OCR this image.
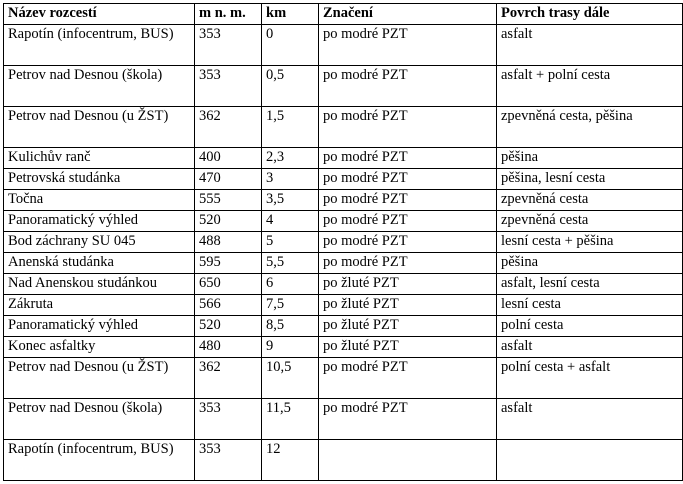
Název rozcestí	m n. m.	km	Značení	Povrch trasy dále
Rapotín (infocentrum, BUS)	353	0	po modré PZT	asfalt
Petrov nad Desnou (škola)	353	0,5	po modré PZT	asfalt + polní cesta
Petrov nad Desnou (u ŽST)	362	1,5	po modré PZT	zpevněná cesta, pěšina
Kulichův ranč	400	2,3	po modré PZT	pěšina
Petrovská studánka	470	3	po modré PZT	pěšina, lesní cesta
Točna	555	3,5	po modré PZT	zpevněná cesta
Panoramatický výhled	520	4	po modré PZT	zpevněná cesta
Bod záchrany SU 045	488	5	po modré PZT	lesní cesta + pěšina
Anenská studánka	595	5,5	po modré PZT	pěšina
Nad Anenskou studánkou	650	6	po žluté PZT	asfalt, lesní cesta
Zákruta	566	7,5	po žluté PZT	lesní cesta
Panoramatický výhled	520	8,5	po žluté PZT	polní cesta
Konec asfaltky	480	9	po žluté PZT	asfalt
Petrov nad Desnou (u ŽST)	362	10,5	po modré PZT	polní cesta + asfalt
Petrov nad Desnou (škola)	353	11,5	po modré PZT	asfalt
Rapotín (infocentrum, BUS)	353	12		
